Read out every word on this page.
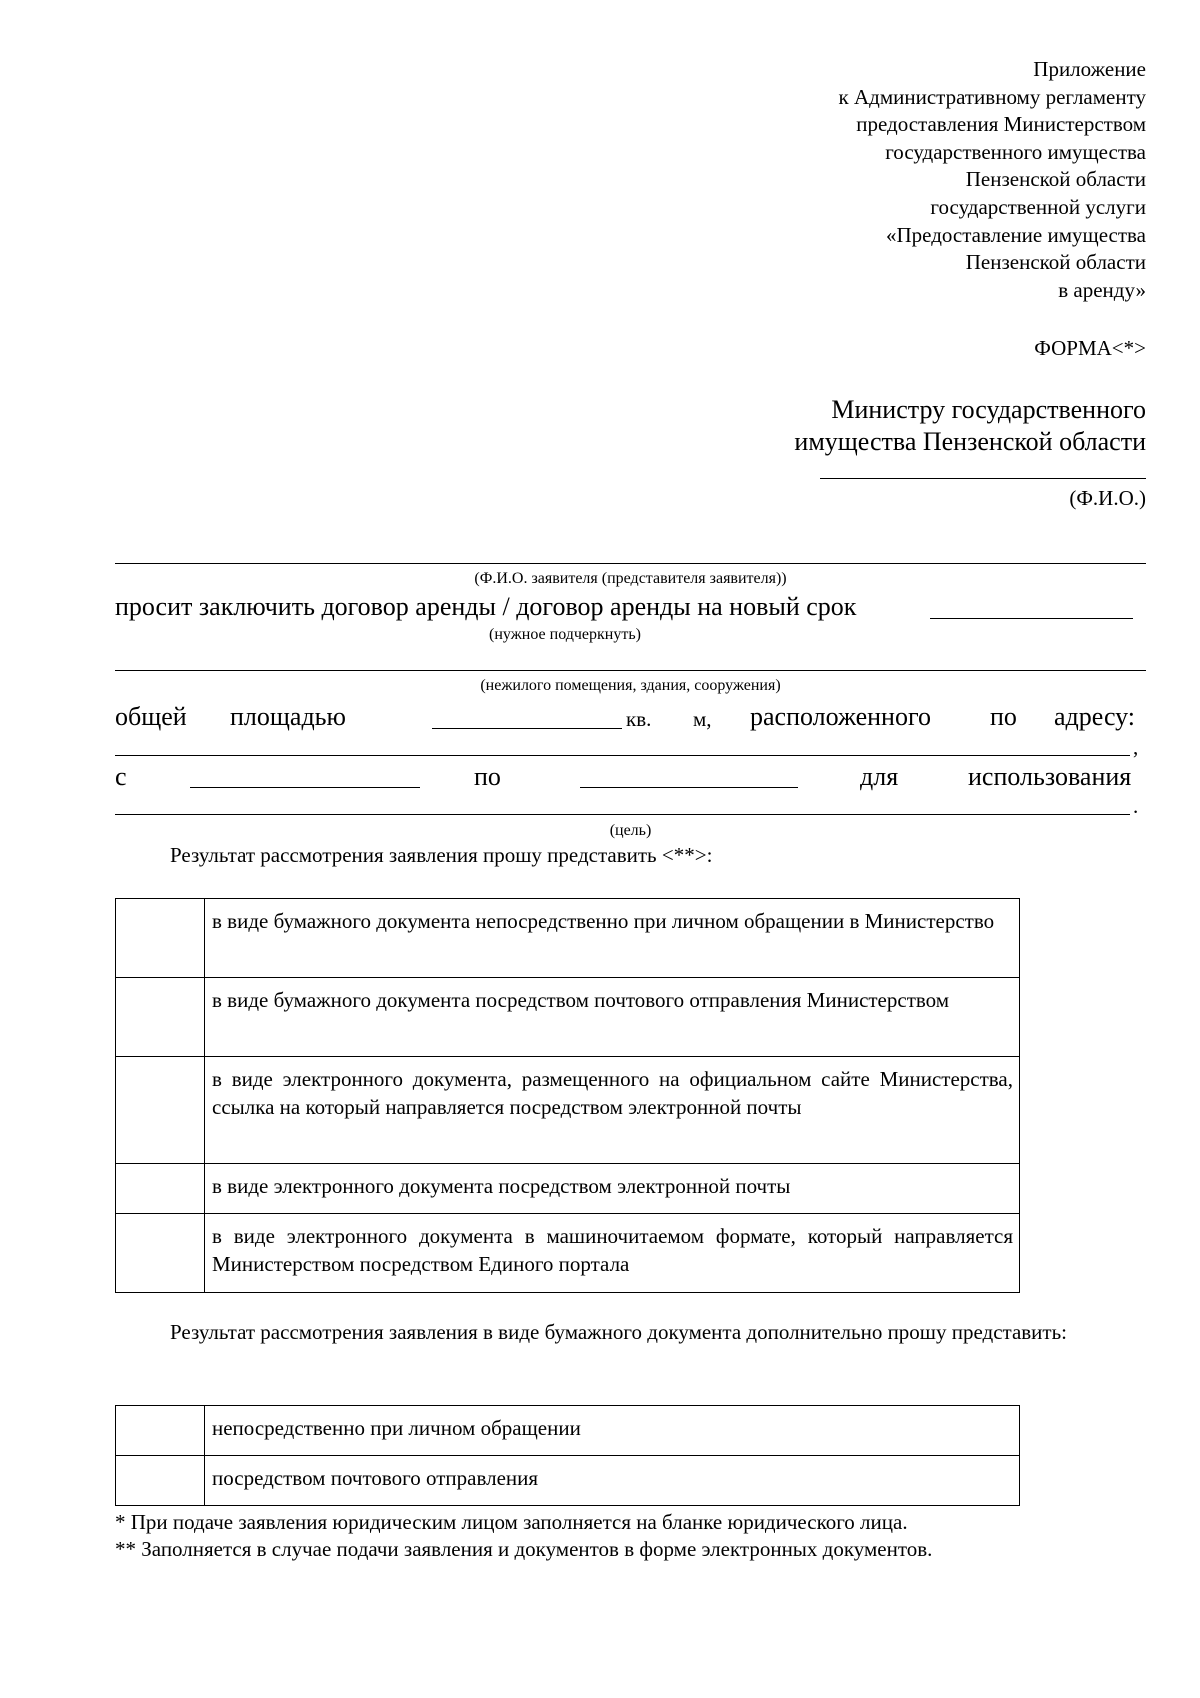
Приложение
к Административному регламенту
предоставления Министерством
государственного имущества
Пензенской области
государственной услуги
«Предоставление имущества
Пензенской области
в аренду»
ФОРМА<*>
Министру государственного
имущества Пензенской области
(Ф.И.О.)
(Ф.И.О. заявителя (представителя заявителя))
просит заключить договор аренды / договор аренды на новый срок
(нужное подчеркнуть)
(нежилого помещения, здания, сооружения)
общей площадью	кв. м, расположенного по адресу:
,
с	по	для	использования
.
(цель)
Результат рассмотрения заявления прошу представить <**>:
	в виде бумажного документа непосредственно при личном обращении в Министерство
	в виде бумажного документа посредством почтового отправления Министерством
	в виде электронного документа, размещенного на официальном сайте Министерства, ссылка на который направляется посредством электронной почты
	в виде электронного документа посредством электронной почты
	в виде электронного документа в машиночитаемом формате, который направляется Министерством посредством Единого портала
Результат рассмотрения заявления в виде бумажного документа дополнительно прошу представить:
	непосредственно при личном обращении
	посредством почтового отправления
* При подаче заявления юридическим лицом заполняется на бланке юридического лица.
** Заполняется в случае подачи заявления и документов в форме электронных документов.
